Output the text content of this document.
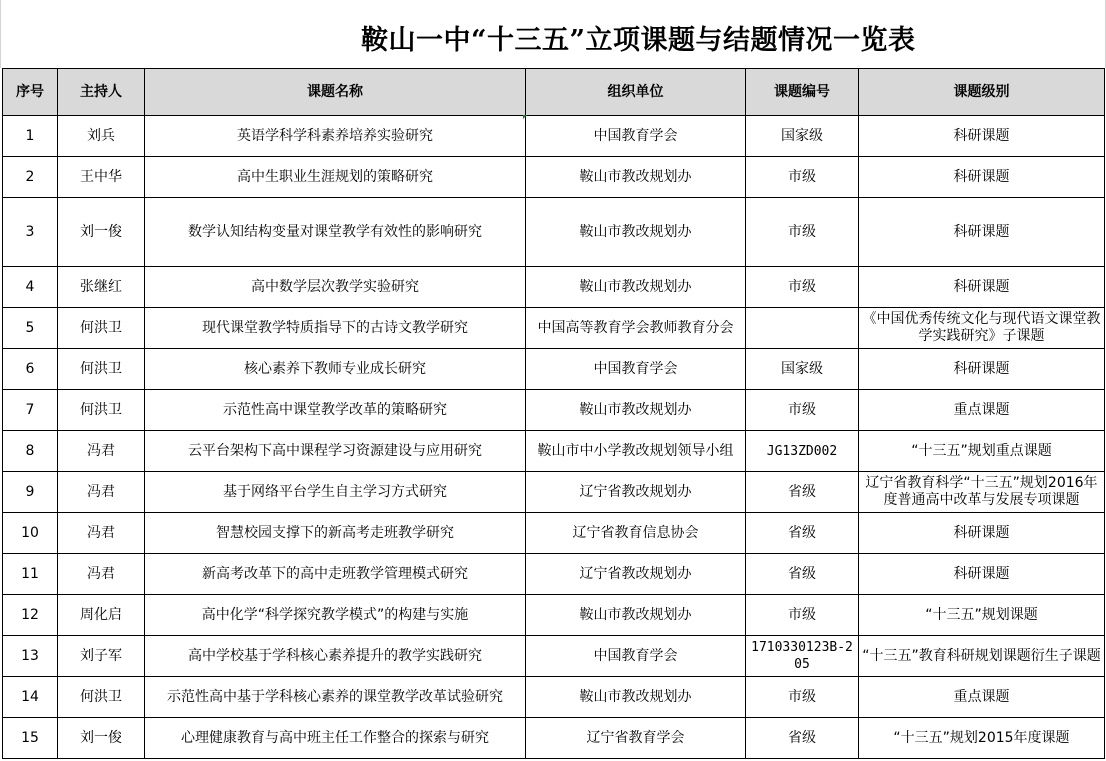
鞍山一中“十三五”立项课题与结题情况一览表
序号	主持人	课题名称	组织单位	课题编号	课题级别
1	刘兵	英语学科学科素养培养实验研究	中国教育学会	国家级	科研课题
2	王中华	高中生职业生涯规划的策略研究	鞍山市教改规划办	市级	科研课题
3	刘一俊	数学认知结构变量对课堂教学有效性的影响研究	鞍山市教改规划办	市级	科研课题
4	张继红	高中数学层次教学实验研究	鞍山市教改规划办	市级	科研课题
5	何洪卫	现代课堂教学特质指导下的古诗文教学研究	中国高等教育学会教师教育分会		《中国优秀传统文化与现代语文课堂教学实践研究》子课题
6	何洪卫	核心素养下教师专业成长研究	中国教育学会	国家级	科研课题
7	何洪卫	示范性高中课堂教学改革的策略研究	鞍山市教改规划办	市级	重点课题
8	冯君	云平台架构下高中课程学习资源建设与应用研究	鞍山市中小学教改规划领导小组	JG13ZD002	“十三五”规划重点课题
9	冯君	基于网络平台学生自主学习方式研究	辽宁省教改规划办	省级	辽宁省教育科学“十三五”规划2016年度普通高中改革与发展专项课题

10	冯君	智慧校园支撑下的新高考走班教学研究	辽宁省教育信息协会	省级	科研课题
11	冯君	新高考改革下的高中走班教学管理模式研究	辽宁省教改规划办	省级	科研课题
12	周化启	高中化学“科学探究教学模式”的构建与实施	鞍山市教改规划办	市级	“十三五”规划课题
13	刘子军	高中学校基于学科核心素养提升的教学实践研究	中国教育学会	1710330123B-205	“十三五”教育科研规划课题衍生子课题
14	何洪卫	示范性高中基于学科核心素养的课堂教学改革试验研究	鞍山市教改规划办	市级	重点课题
15	刘一俊	心理健康教育与高中班主任工作整合的探索与研究	辽宁省教育学会	省级	“十三五”规划2015年度课题
